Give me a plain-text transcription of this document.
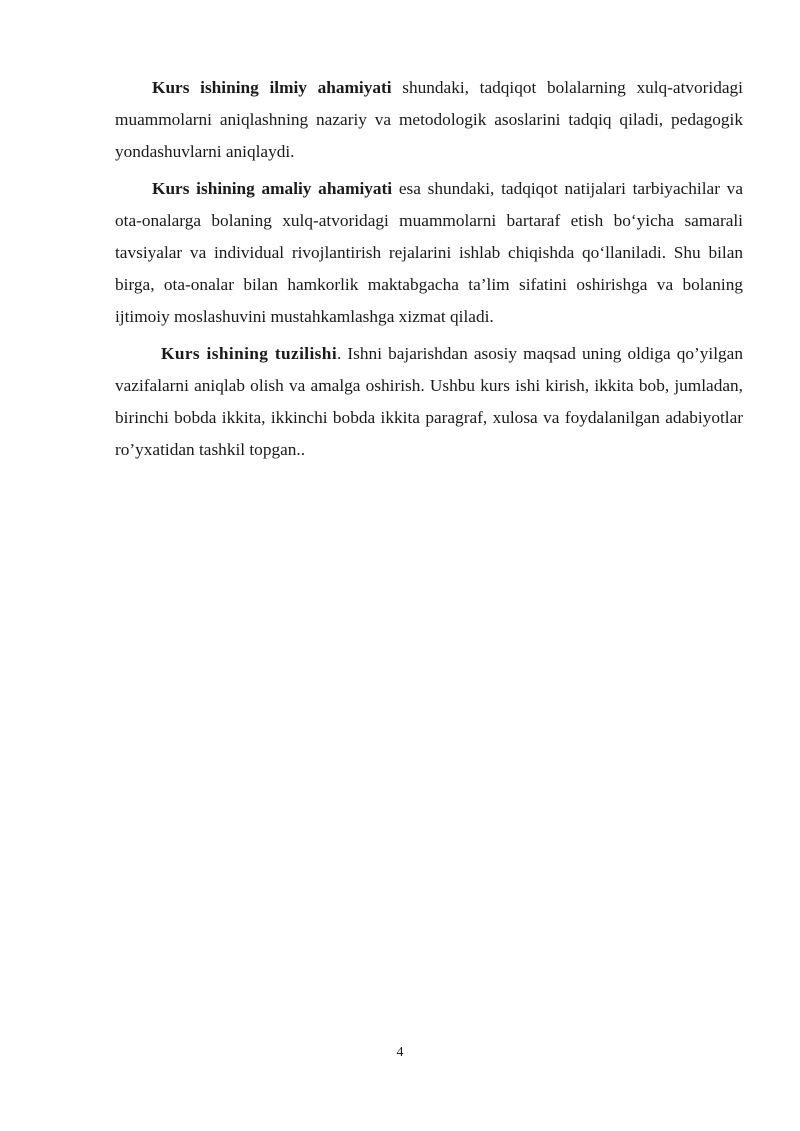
Kurs ishining ilmiy ahamiyati shundaki, tadqiqot bolalarning xulq-atvoridagi muammolarni aniqlashning nazariy va metodologik asoslarini tadqiq qiladi, pedagogik yondashuvlarni aniqlaydi.

Kurs ishining amaliy ahamiyati esa shundaki, tadqiqot natijalari tarbiyachilar va ota-onalarga bolaning xulq-atvoridagi muammolarni bartaraf etish bo‘yicha samarali tavsiyalar va individual rivojlantirish rejalarini ishlab chiqishda qo‘llaniladi. Shu bilan birga, ota-onalar bilan hamkorlik maktabgacha ta’lim sifatini oshirishga va bolaning ijtimoiy moslashuvini mustahkamlashga xizmat qiladi.

Kurs ishining tuzilishi. Ishni bajarishdan asosiy maqsad uning oldiga qo’yilgan vazifalarni aniqlab olish va amalga oshirish. Ushbu kurs ishi kirish, ikkita bob, jumladan, birinchi bobda ikkita, ikkinchi bobda ikkita paragraf, xulosa va foydalanilgan adabiyotlar ro’yxatidan tashkil topgan..

4
